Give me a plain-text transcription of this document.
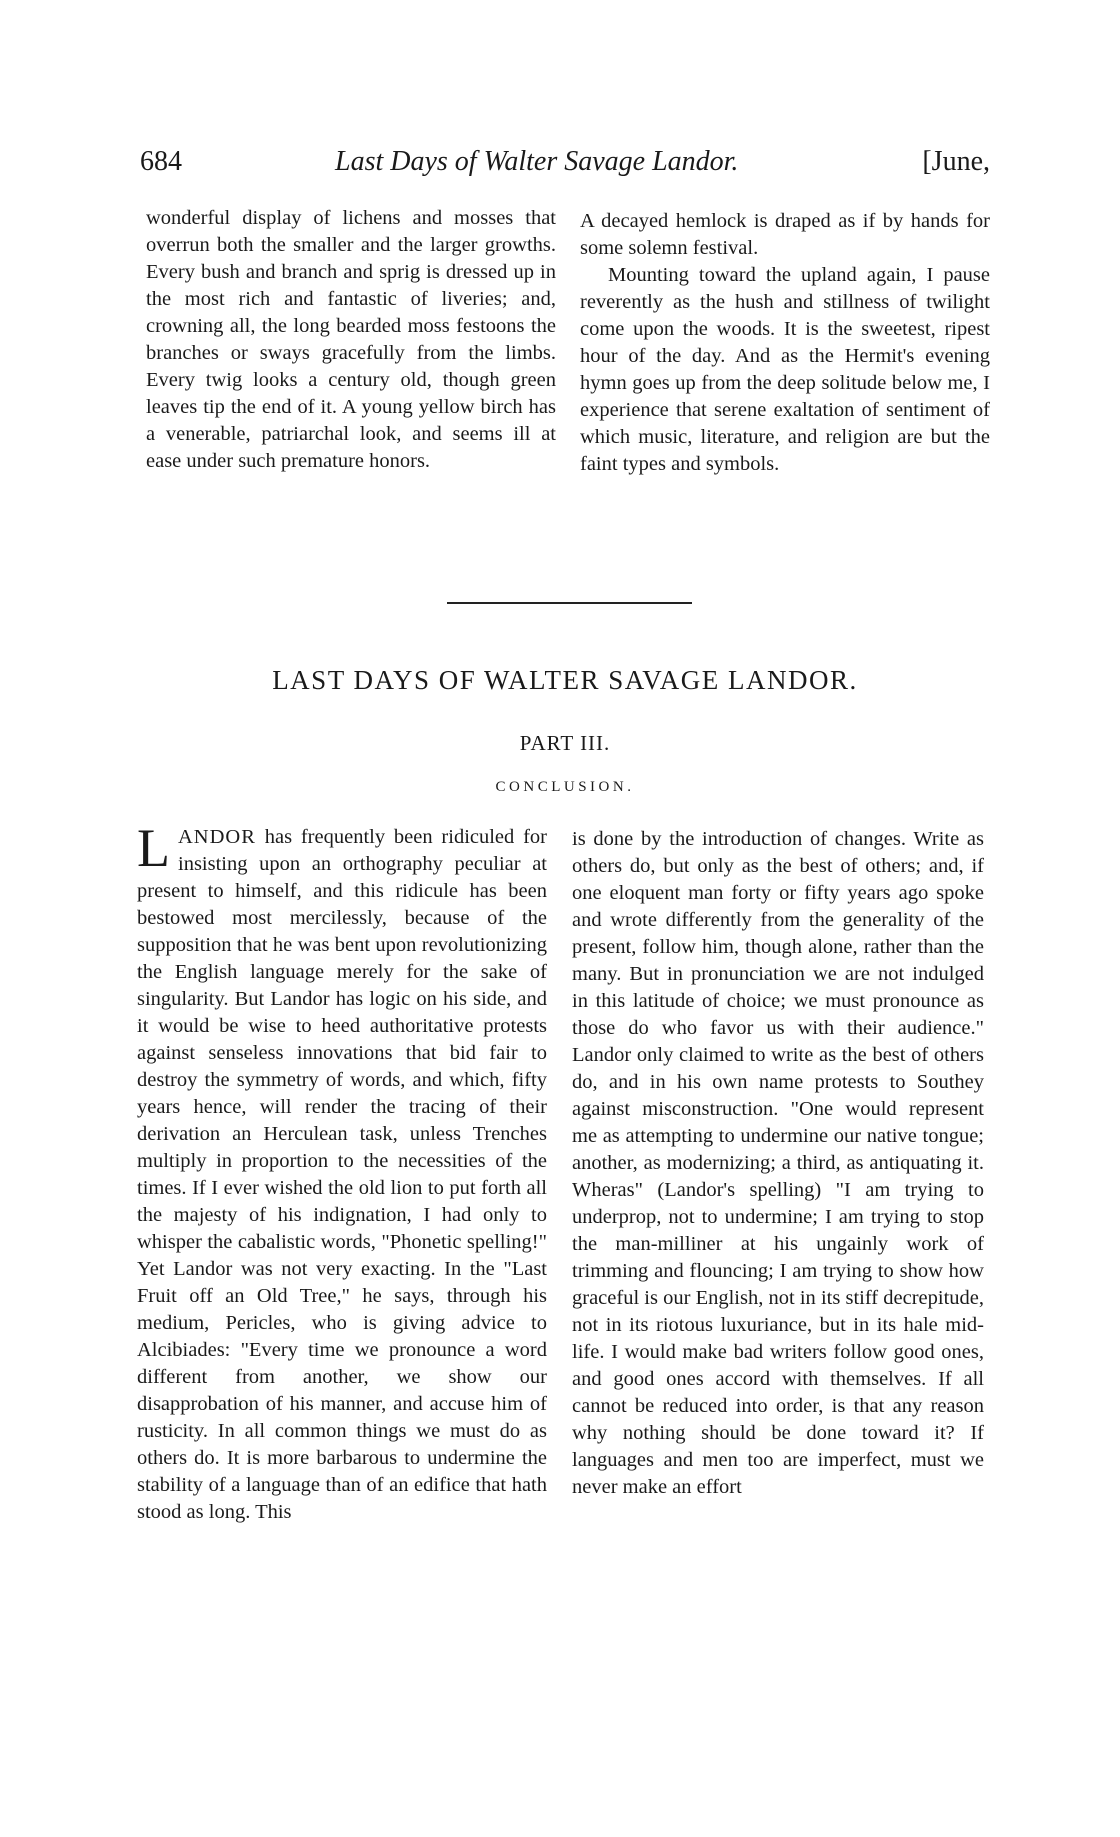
684	Last Days of Walter Savage Landor.	[June,

wonderful display of lichens and mosses that overrun both the smaller and the larger growths. Every bush and branch and sprig is dressed up in the most rich and fantastic of liveries; and, crowning all, the long bearded moss festoons the branches or sways gracefully from the limbs. Every twig looks a century old, though green leaves tip the end of it. A young yellow birch has a venerable, patriarchal look, and seems ill at ease under such premature honors.

A decayed hemlock is draped as if by hands for some solemn festival.

Mounting toward the upland again, I pause reverently as the hush and stillness of twilight come upon the woods. It is the sweetest, ripest hour of the day. And as the Hermit's evening hymn goes up from the deep solitude below me, I experience that serene exaltation of sentiment of which music, literature, and religion are but the faint types and symbols.

LAST DAYS OF WALTER SAVAGE LANDOR.
PART III.
CONCLUSION.

LANDOR has frequently been ridiculed for insisting upon an orthography peculiar at present to himself, and this ridicule has been bestowed most mercilessly, because of the supposition that he was bent upon revolutionizing the English language merely for the sake of singularity. But Landor has logic on his side, and it would be wise to heed authoritative protests against senseless innovations that bid fair to destroy the symmetry of words, and which, fifty years hence, will render the tracing of their derivation an Herculean task, unless Trenches multiply in proportion to the necessities of the times. If I ever wished the old lion to put forth all the majesty of his indignation, I had only to whisper the cabalistic words, "Phonetic spelling!" Yet Landor was not very exacting. In the "Last Fruit off an Old Tree," he says, through his medium, Pericles, who is giving advice to Alcibiades: "Every time we pronounce a word different from another, we show our disapprobation of his manner, and accuse him of rusticity. In all common things we must do as others do. It is more barbarous to undermine the stability of a language than of an edifice that hath stood as long. This

is done by the introduction of changes. Write as others do, but only as the best of others; and, if one eloquent man forty or fifty years ago spoke and wrote differently from the generality of the present, follow him, though alone, rather than the many. But in pronunciation we are not indulged in this latitude of choice; we must pronounce as those do who favor us with their audience." Landor only claimed to write as the best of others do, and in his own name protests to Southey against misconstruction. "One would represent me as attempting to undermine our native tongue; another, as modernizing; a third, as antiquating it. Wheras" (Landor's spelling) "I am trying to underprop, not to undermine; I am trying to stop the man-milliner at his ungainly work of trimming and flouncing; I am trying to show how graceful is our English, not in its stiff decrepitude, not in its riotous luxuriance, but in its hale mid-life. I would make bad writers follow good ones, and good ones accord with themselves. If all cannot be reduced into order, is that any reason why nothing should be done toward it? If languages and men too are imperfect, must we never make an effort
